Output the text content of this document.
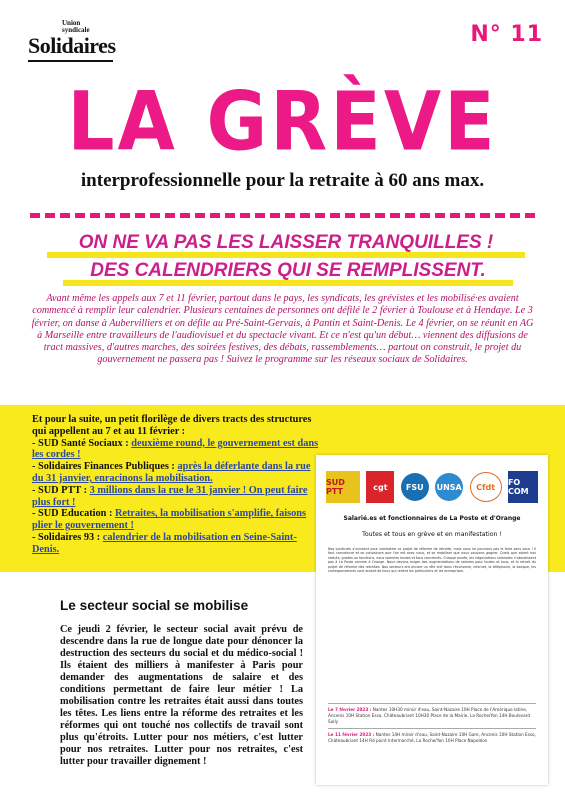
Union
syndicale
Solidaires	N° 11
LA GRÈVE
interprofessionnelle pour la retraite à 60 ans max.
ON NE VA PAS LES LAISSER TRANQUILLES !
DES CALENDRIERS QUI SE REMPLISSENT.
Avant même les appels aux 7 et 11 février, partout dans le pays, les syndicats, les grévistes et les mobilisé·es avaient commencé à remplir leur calendrier. Plusieurs centaines de personnes ont défilé le 2 février à Toulouse et à Hendaye. Le 3 février, on danse à Aubervilliers et on défile au Pré-Saint-Gervais, à Pantin et Saint-Denis. Le 4 février, on se réunit en AG à Marseille entre travailleurs de l'audiovisuel et du spectacle vivant. Et ce n'est qu'un début… viennent des diffusions de tract massives, d'autres marches, des soirées festives, des débats, rassemblements… partout on construit, le projet du gouvernement ne passera pas ! Suivez le programme sur les réseaux sociaux de Solidaires.
Et pour la suite, un petit florilège de divers tracts des structures qui appellent au 7 et au 11 février :
- SUD Santé Sociaux : deuxième round, le gouvernement est dans les cordes !
- Solidaires Finances Publiques : après la déferlante dans la rue du 31 janvier, enracinons la mobilisation.
- SUD PTT : 3 millions dans la rue le 31 janvier ! On peut faire plus fort !
- SUD Education : Retraites, la mobilisation s'amplifie, faisons plier le gouvernement !
- Solidaires 93 : calendrier de la mobilisation en Seine-Saint-Denis.
SUD PTT	cgt	FSU	UNSA	Cfdt	FO COM
Salarié.es et fonctionnaires de La Poste et d'Orange
Toutes et tous en grève et en manifestation !
Nos syndicats s'unissent pour combattre ce projet de réforme de retraite, mais nous ne pourrons pas le faire sans vous ! Il faut convaincre et se convaincre que l'on est avec nous, et se mobiliser que nous pouvons gagner. Quels que soient nos statuts, grades ou fonctions, nous sommes toutes et tous concernés. Chaque année, les négociations salariales n'aboutissent pas à La Poste comme à Orange. Nous devons exiger des augmentations de salaires pour toutes et tous, et le retrait du projet de réforme des retraites. Nos secteurs ont encore un rôle clef dans l'économie, internet, la téléphonie, la banque, les correspondances sont autant de lieux qui relient les particuliers et les entreprises.
Le 7 février 2023 : Nantes 10H30 miroir d'eau, Saint-Nazaire 10H Place de l'Amérique latine, Ancenis 10H Station Esso, Châteaubriant 10H30 Place de la Mairie, La Roche/Yon 14H Boulevard Sully
Le 11 février 2023 : Nantes 14H miroir d'eau, Saint-Nazaire 10H Gare, Ancenis 10H Station Esso, Châteaubriant 14H Rd point Intermarché, La Roche/Yon 10H Place Napoléon
Le secteur social se mobilise
Ce jeudi 2 février, le secteur social avait prévu de descendre dans la rue de longue date pour dénoncer la destruction des secteurs du social et du médico-social ! Ils étaient des milliers à manifester à Paris pour demander des augmentations de salaire et des conditions permettant de faire leur métier ! La mobilisation contre les retraites était aussi dans toutes les têtes. Les liens entre la réforme des retraites et les réformes qui ont touché nos collectifs de travail sont plus qu'étroits. Lutter pour nos métiers, c'est lutter pour nos retraites. Lutter pour nos retraites, c'est lutter pour travailler dignement !
